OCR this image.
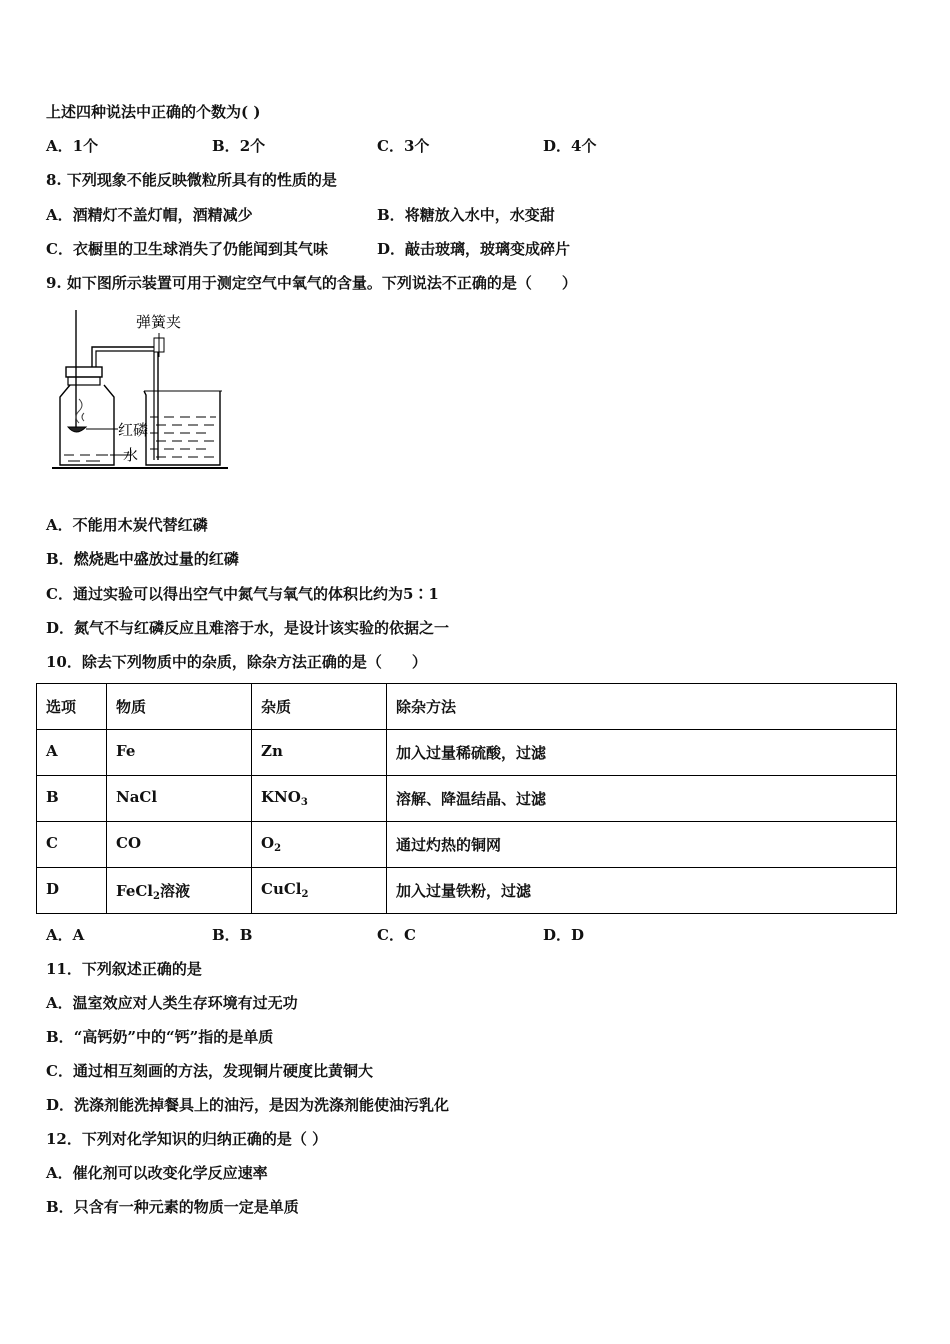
上述四种说法中正确的个数为( )
A．1个	B．2个	C．3个	D．4个
8. 下列现象不能反映微粒所具有的性质的是
A．酒精灯不盖灯帽，酒精减少	B．将糖放入水中，水变甜
C．衣橱里的卫生球消失了仍能闻到其气味	D．敲击玻璃，玻璃变成碎片
9. 如下图所示装置可用于测定空气中氧气的含量。下列说法不正确的是（　　）
弹簧夹
红磷
水
A．不能用木炭代替红磷
B．燃烧匙中盛放过量的红磷
C．通过实验可以得出空气中氮气与氧气的体积比约为5∶1
D．氮气不与红磷反应且难溶于水，是设计该实验的依据之一
10．除去下列物质中的杂质，除杂方法正确的是（　　）
选项	物质	杂质	除杂方法
A	Fe	Zn	加入过量稀硫酸，过滤
B	NaCl	$KNO_3$	溶解、降温结晶、过滤
C	CO	$O_2$	通过灼热的铜网
D	FeCl$_2$溶液	CuCl$_2$	加入过量铁粉，过滤
A．A	B．B	C．C	D．D
11．下列叙述正确的是
A．温室效应对人类生存环境有过无功
B．“高钙奶”中的“钙”指的是单质
C．通过相互刻画的方法，发现铜片硬度比黄铜大
D．洗涤剂能洗掉餐具上的油污，是因为洗涤剂能使油污乳化
12．下列对化学知识的归纳正确的是（ ）
A．催化剂可以改变化学反应速率
B．只含有一种元素的物质一定是单质
